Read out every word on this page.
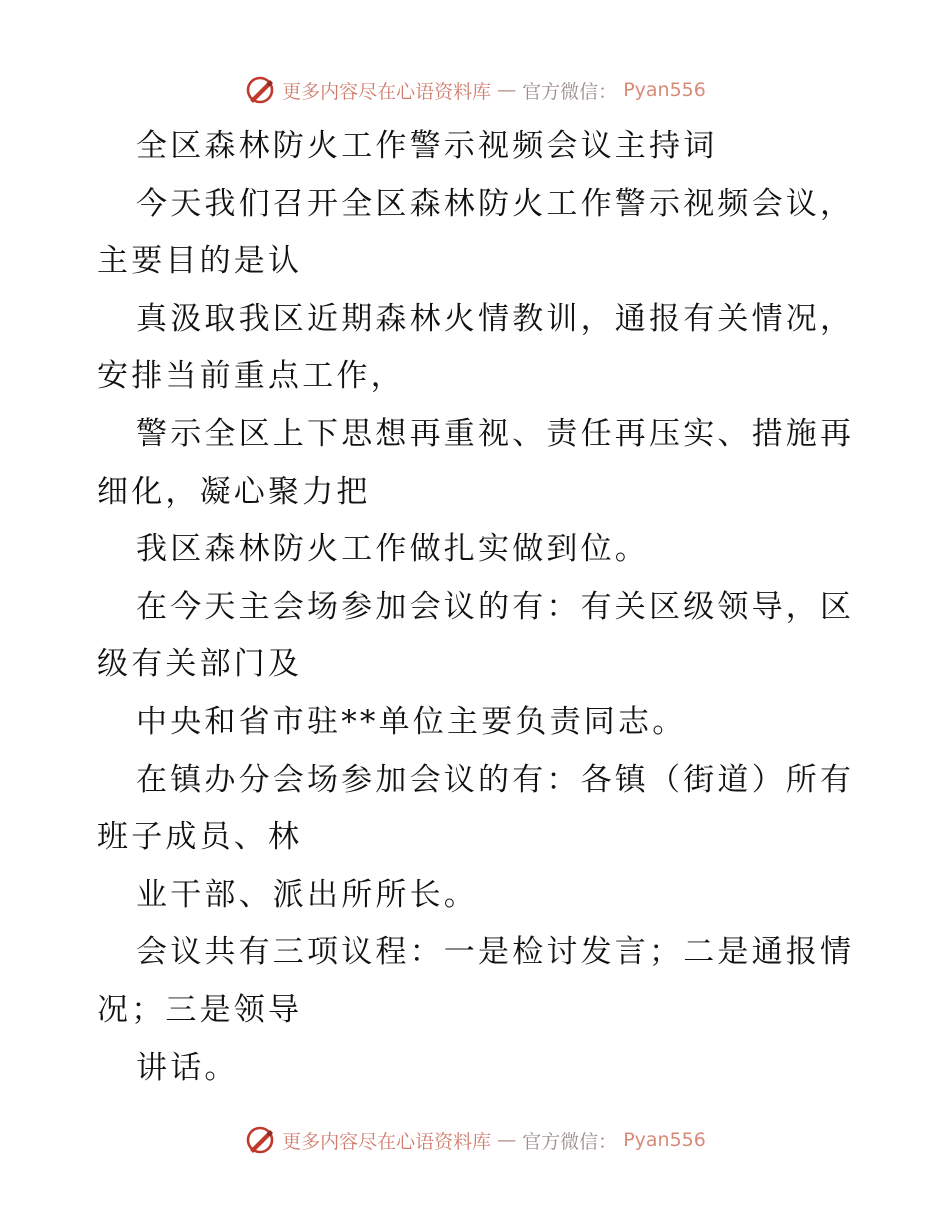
更多内容尽在心语资料库 — 官方微信： Pyan556
全区森林防火工作警示视频会议主持词
今天我们召开全区森林防火工作警示视频会议，
主要目的是认
真汲取我区近期森林火情教训，通报有关情况，
安排当前重点工作，
警示全区上下思想再重视、责任再压实、措施再
细化，凝心聚力把
我区森林防火工作做扎实做到位。
在今天主会场参加会议的有：有关区级领导，区
级有关部门及
中央和省市驻**单位主要负责同志。
在镇办分会场参加会议的有：各镇（街道）所有
班子成员、林
业干部、派出所所长。
会议共有三项议程：一是检讨发言；二是通报情
况；三是领导
讲话。
更多内容尽在心语资料库 — 官方微信： Pyan556
